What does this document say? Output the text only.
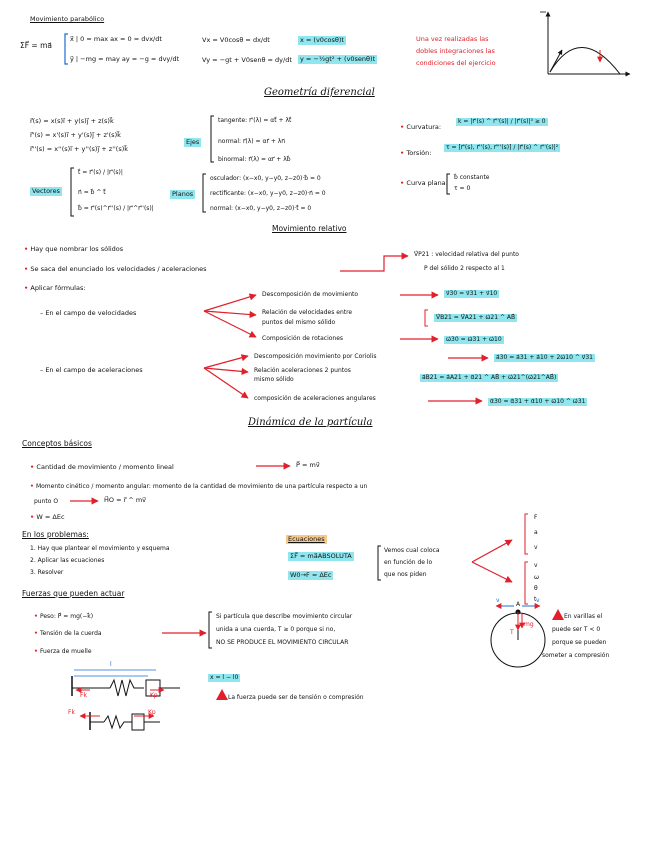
Movimiento parabólico
ΣF⃗ = ma⃗
x⃗ | 0 = max ax = 0 = dvx/dt
y⃗ | −mg = may ay = −g = dvy/dt
Vx = V0cosθ = dx/dt
Vy = −gt + V0senθ = dy/dt
x = (v0cosθ)t
y = −½gt² + (v0senθ)t
Una vez realizadas las
dobles integraciones las
condiciones del ejercicio
Geometría diferencial
r⃗(s) = x(s)i⃗ + y(s)j⃗ + z(s)k⃗
r⃗'(s) = x'(s)i⃗ + y'(s)j⃗ + z'(s)k⃗
r⃗''(s) = x''(s)i⃗ + y''(s)j⃗ + z''(s)k⃗
Ejes
tangente: r⃗'(λ) = αt⃗ + λt⃗
normal: r⃗(λ) = αr⃗ + λn⃗
binormal: r⃗(λ) = αr⃗ + λb⃗
• Curvatura:
k = |r⃗'(s) ^ r⃗''(s)| / |r⃗'(s)|³ ≥ 0
• Torsión:
τ = [r⃗'(s), r⃗''(s), r⃗'''(s)] / |r⃗'(s) ^ r⃗''(s)|²
• Curva plana:
b⃗ constante
τ = 0
Vectores
t⃗ = r⃗'(s) / |r⃗'(s)|
n⃗ = b⃗ ^ t⃗
b⃗ = r⃗'(s)^r⃗''(s) / |r⃗'^r⃗''(s)|
Planos
osculador: (x−x0, y−y0, z−z0)·b⃗ = 0
rectificante: (x−x0, y−y0, z−z0)·n⃗ = 0
normal: (x−x0, y−y0, z−z0)·t⃗ = 0
Movimiento relativo
• Hay que nombrar los sólidos
• Se saca del enunciado los velocidades / aceleraciones
• Aplicar fórmulas:
V⃗P21 : velocidad relativa del punto
P del sólido 2 respecto al 1
– En el campo de velocidades
Descomposición de movimiento
Relación de velocidades entre
puntos del mismo sólido
Composición de rotaciones
v⃗30 = v⃗31 + v⃗10
V⃗B21 = V⃗A21 + ω⃗21 ^ AB⃗
ω⃗30 = ω⃗31 + ω⃗10
– En el campo de aceleraciones
Descomposición movimiento por Coriolis
Relación aceleraciones 2 puntos
mismo sólido
composición de aceleraciones angulares
a⃗30 = a⃗31 + a⃗10 + 2ω⃗10 ^ v⃗31
a⃗B21 = a⃗A21 + α⃗21 ^ AB⃗ + ω⃗21^(ω⃗21^AB⃗)
α⃗30 = α⃗31 + α⃗10 + ω⃗10 ^ ω⃗31
Dinámica de la partícula
Conceptos básicos
• Cantidad de movimiento / momento lineal	P⃗ = mv⃗
• Momento cinético / momento angular: momento de la cantidad de movimiento de una partícula respecto a un
punto O	H⃗O = r⃗ ^ mv⃗
• W = ΔEc
En los problemas:
1. Hay que plantear el movimiento y esquema
2. Aplicar las ecuaciones
3. Resolver
Ecuaciones
ΣF⃗ = ma⃗ABSOLUTA
W0→F = ΔEc
Vemos cual coloca
en función de lo
que nos piden
F
a
v
v
ω
θ
t
Fuerzas que pueden actuar
• Peso: P⃗ = mg(−k⃗)
• Tensión de la cuerda
• Fuerza de muelle
Si partícula que describe movimiento circular
unida a una cuerda, T ≥ 0 porque si no,
NO SE PRODUCE EL MOVIMIENTO CIRCULAR
x = l − l0
La fuerza puede ser de tensión o compresión
En varillas el
puede ser T < 0
porque se pueden
someter a compresión
Fk	Kp
l
Fk	Kp
A
v	v
mg
T
